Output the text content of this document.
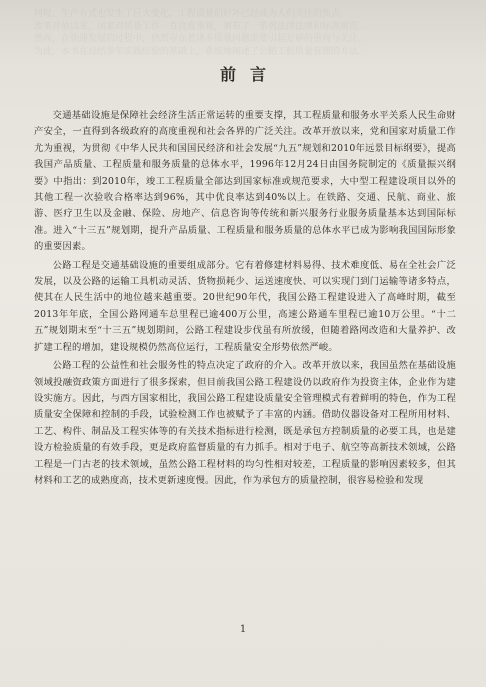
同时，生产方式也发生了巨大变化，工程质量的好坏已经成为人们关注的焦点。
改革开放以来，国家对质量工作一直高度重视，颁布了一系列法律法规和标准规范。
然而，在快速发展的过程中，仍然存在着诸多质量问题需要引起足够的重视与关注。
为此，本书在总结多年实践经验的基础上，系统地阐述了公路工程质量管理的方法。
前言

交通基础设施是保障社会经济生活正常运转的重要支撑，其工程质量和服务水平关系人民生命财产安全，一直得到各级政府的高度重视和社会各界的广泛关注。改革开放以来，党和国家对质量工作尤为重视，为贯彻《中华人民共和国国民经济和社会发展“九五”规划和2010年远景目标纲要》，提高我国产品质量、工程质量和服务质量的总体水平，1996年12月24日由国务院制定的《质量振兴纲要》中指出：到2010年，竣工工程质量全部达到国家标准或规范要求，大中型工程建设项目以外的其他工程一次验收合格率达到96%，其中优良率达到40%以上。在铁路、交通、民航、商业、旅游、医疗卫生以及金融、保险、房地产、信息咨询等传统和新兴服务行业服务质量基本达到国际标准。进入“十三五”规划期，提升产品质量、工程质量和服务质量的总体水平已成为影响我国国际形象的重要因素。

公路工程是交通基础设施的重要组成部分。它有着修建材料易得、技术难度低、易在全社会广泛发展，以及公路的运输工具机动灵活、货物损耗少、运送速度快、可以实现门到门运输等诸多特点，使其在人民生活中的地位越来越重要。20世纪90年代，我国公路工程建设进入了高峰时期，截至2013年年底，全国公路网通车总里程已逾400万公里，高速公路通车里程已逾10万公里。“十二五”规划期末至“十三五”规划期间，公路工程建设步伐虽有所放缓，但随着路网改造和大量养护、改扩建工程的增加，建设规模仍然高位运行，工程质量安全形势依然严峻。

公路工程的公益性和社会服务性的特点决定了政府的介入。改革开放以来，我国虽然在基础设施领域投融资政策方面进行了很多探索，但目前我国公路工程建设仍以政府作为投资主体，企业作为建设实施方。因此，与西方国家相比，我国公路工程建设质量安全管理模式有着鲜明的特色，作为工程质量安全保障和控制的手段，试验检测工作也被赋予了丰富的内涵。借助仪器设备对工程所用材料、工艺、构件、制品及工程实体等的有关技术指标进行检测，既是承包方控制质量的必要工具，也是建设方检验质量的有效手段，更是政府监督质量的有力抓手。相对于电子、航空等高新技术领域，公路工程是一门古老的技术领域，虽然公路工程材料的均匀性相对较差，工程质量的影响因素较多，但其材料和工艺的成熟度高，技术更新速度慢。因此，作为承包方的质量控制，很容易检验和发现

1
